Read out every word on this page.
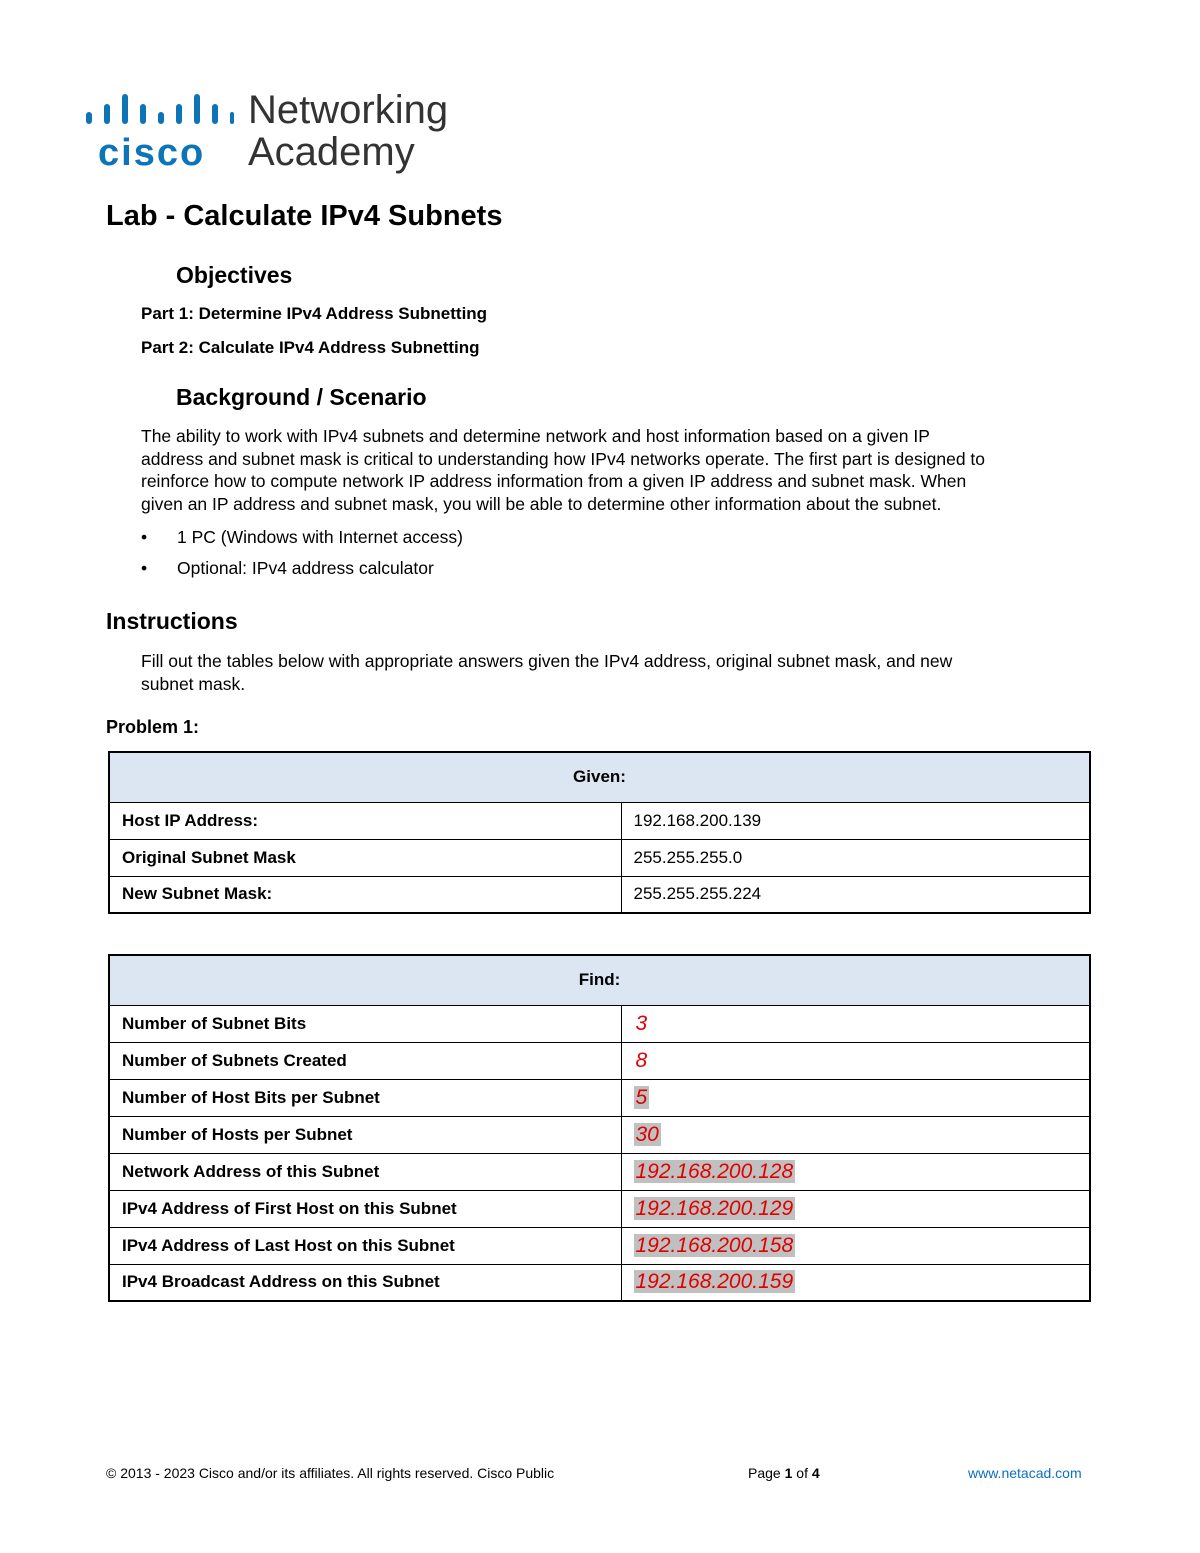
cisco
Networking
Academy
Lab - Calculate IPv4 Subnets
Objectives
Part 1: Determine IPv4 Address Subnetting
Part 2: Calculate IPv4 Address Subnetting
Background / Scenario
The ability to work with IPv4 subnets and determine network and host information based on a given IP
address and subnet mask is critical to understanding how IPv4 networks operate. The first part is designed to
reinforce how to compute network IP address information from a given IP address and subnet mask. When
given an IP address and subnet mask, you will be able to determine other information about the subnet.
• 1 PC (Windows with Internet access)
• Optional: IPv4 address calculator
Instructions
Fill out the tables below with appropriate answers given the IPv4 address, original subnet mask, and new
subnet mask.
Problem 1:
Given:	
Host IP Address:	192.168.200.139
Original Subnet Mask	255.255.255.0
New Subnet Mask:	255.255.255.224
Find:	
Number of Subnet Bits	3
Number of Subnets Created	8
Number of Host Bits per Subnet	5
Number of Hosts per Subnet	30
Network Address of this Subnet	192.168.200.128
IPv4 Address of First Host on this Subnet	192.168.200.129
IPv4 Address of Last Host on this Subnet	192.168.200.158
IPv4 Broadcast Address on this Subnet	192.168.200.159
© 2013 - 2023 Cisco and/or its affiliates. All rights reserved. Cisco Public	Page 1 of 4	www.netacad.com
